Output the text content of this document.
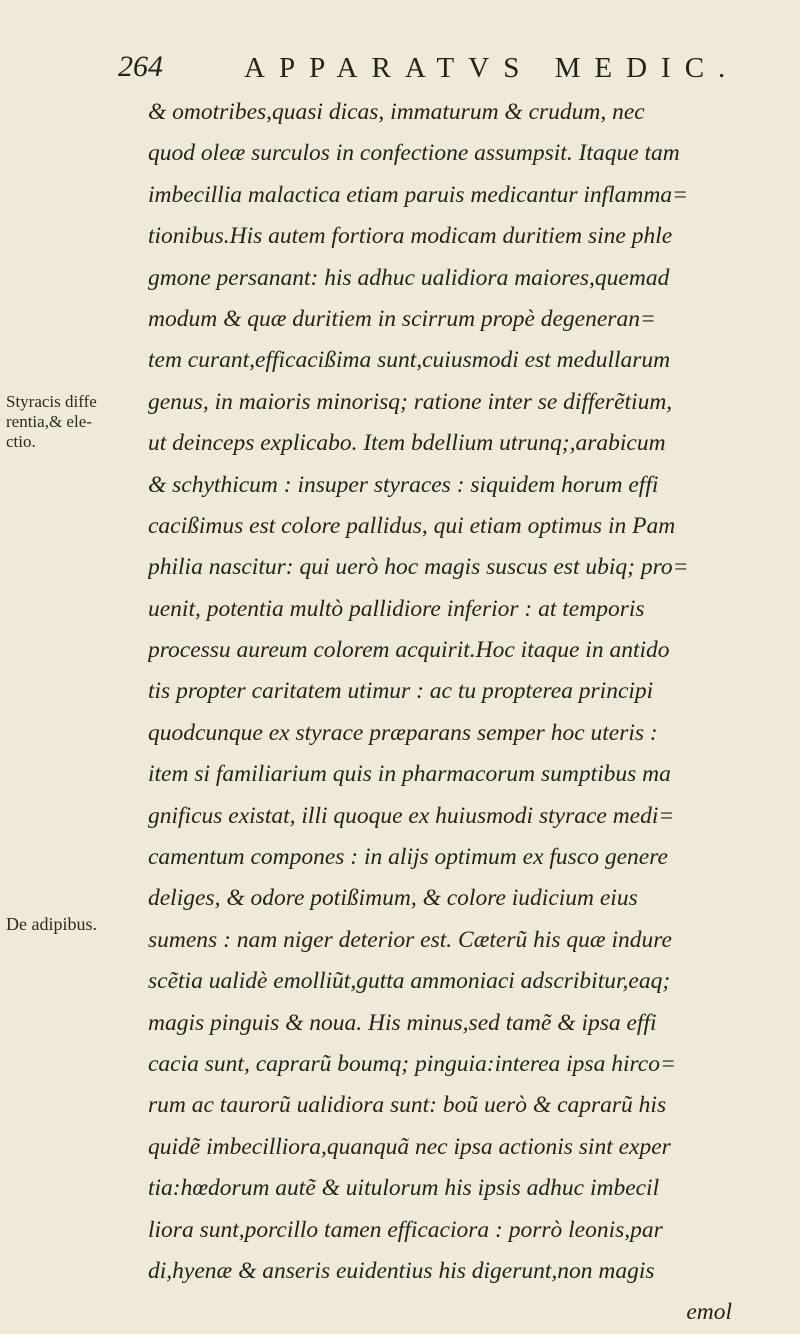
264	APPARATVS MEDIC.
Styracis diffe
rentia,& ele-
ctio.
De adipibus.
& omotribes,quasi dicas, immaturum & crudum, nec
quod oleæ surculos in confectione assumpsit. Itaque tam
imbecillia malactica etiam paruis medicantur inflamma=
tionibus.His autem fortiora modicam duritiem sine phle
gmone persanant: his adhuc ualidiora maiores,quemad
modum & quæ duritiem in scirrum propè degeneran=
tem curant,efficacißima sunt,cuiusmodi est medullarum
genus, in maioris minorisq; ratione inter se differẽtium,
ut deinceps explicabo. Item bdellium utrunq;,arabicum
& schythicum : insuper styraces : siquidem horum effi
cacißimus est colore pallidus, qui etiam optimus in Pam
philia nascitur: qui uerò hoc magis suscus est ubiq; pro=
uenit, potentia multò pallidiore inferior : at temporis
processu aureum colorem acquirit.Hoc itaque in antido
tis propter caritatem utimur : ac tu propterea principi
quodcunque ex styrace præparans semper hoc uteris :
item si familiarium quis in pharmacorum sumptibus ma
gnificus existat, illi quoque ex huiusmodi styrace medi=
camentum compones : in alijs optimum ex fusco genere
deliges, & odore potißimum, & colore iudicium eius
sumens : nam niger deterior est. Cæterũ his quæ indure
scẽtia ualidè emolliũt,gutta ammoniaci adscribitur,eaq;
magis pinguis & noua. His minus,sed tamẽ & ipsa effi
cacia sunt, caprarũ boumq; pinguia:interea ipsa hirco=
rum ac taurorũ ualidiora sunt: boũ uerò & caprarũ his
quidẽ imbecilliora,quanquã nec ipsa actionis sint exper
tia:hœdorum autẽ & uitulorum his ipsis adhuc imbecil
liora sunt,porcillo tamen efficaciora : porrò leonis,par
di,hyenæ & anseris euidentius his digerunt,non magis
emol
